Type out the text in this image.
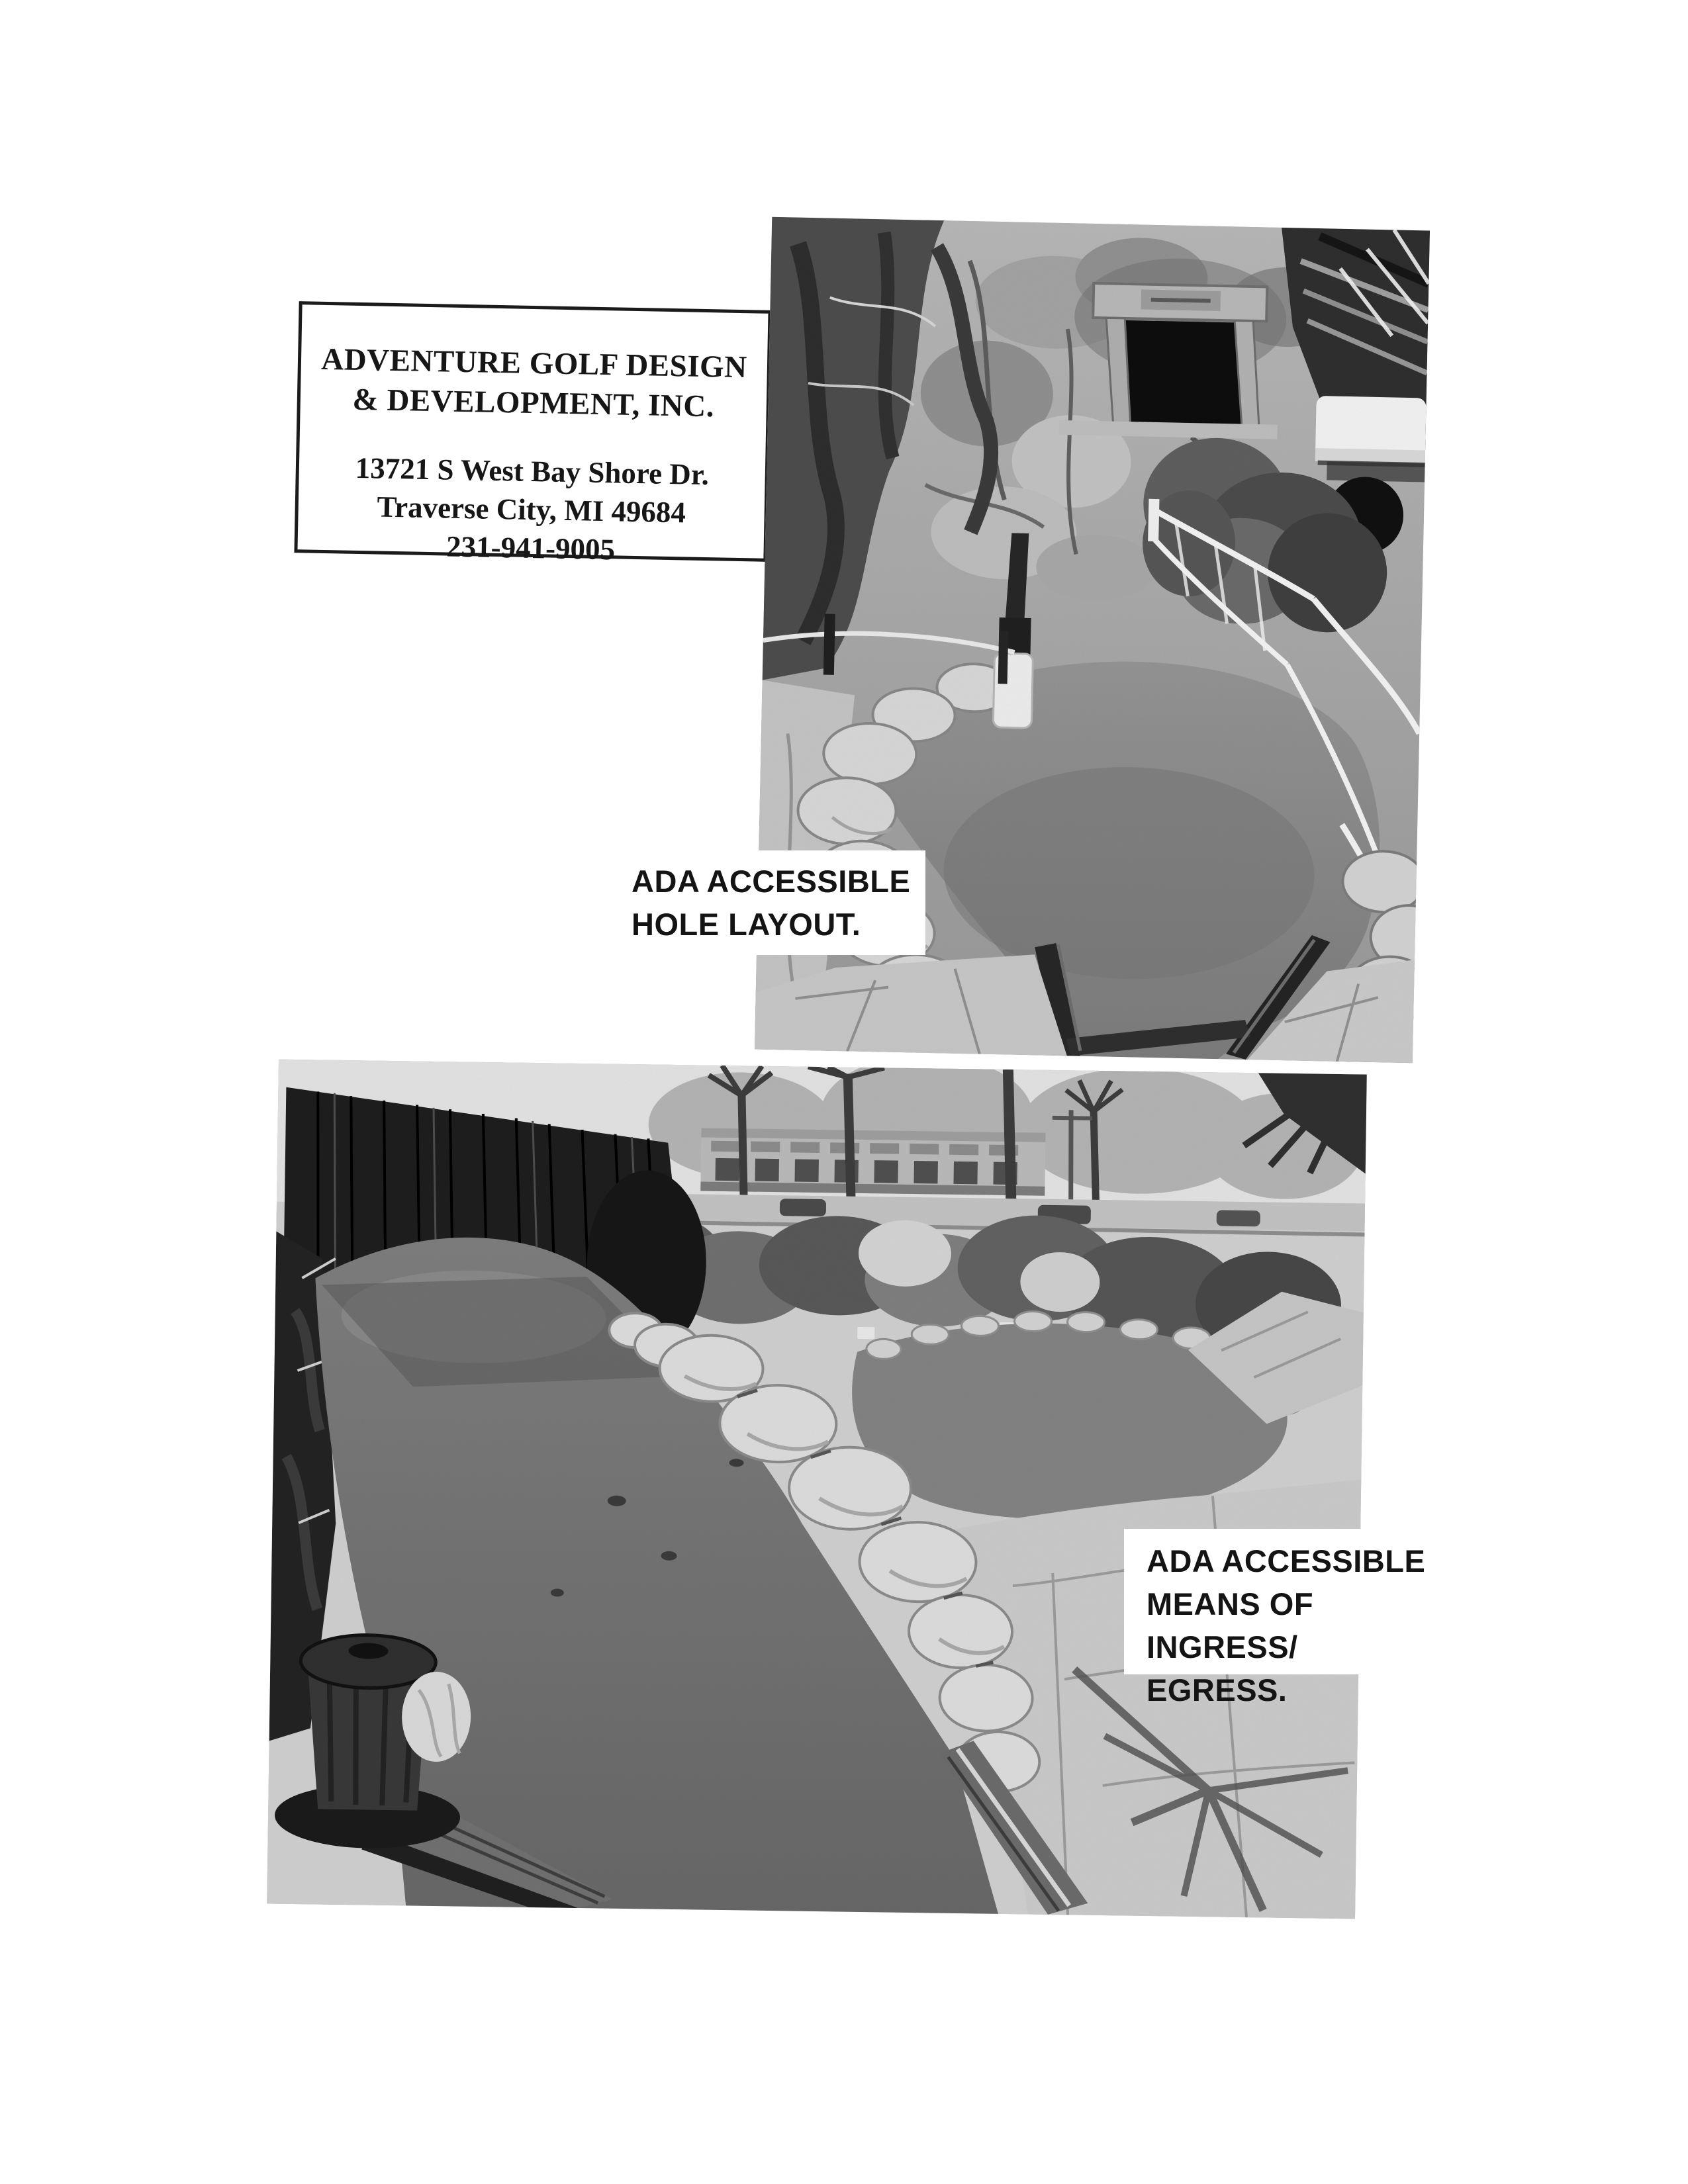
ADVENTURE GOLF DESIGN
& DEVELOPMENT, INC.
13721 S West Bay Shore Dr.
Traverse City, MI 49684
231-941-9005
ADA ACCESSIBLE
HOLE LAYOUT.
ADA ACCESSIBLE
MEANS OF INGRESS/
EGRESS.
